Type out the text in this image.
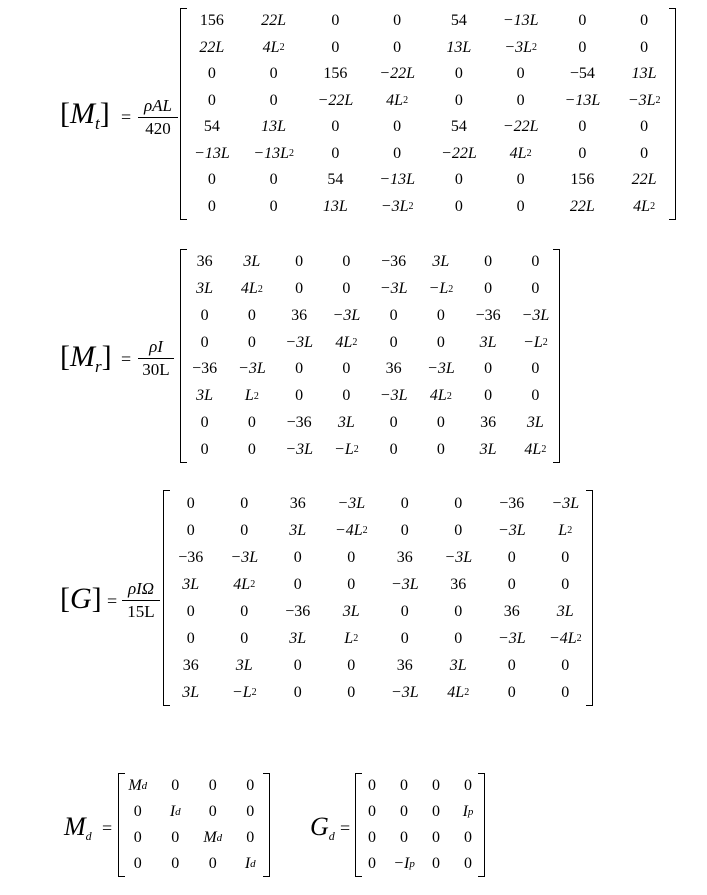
$[M_t]$ =
ρAL
420
156	22L	0	0	54	−13L	0	0
22L	4L 2	0	0	13L	−3L 2	0	0
0	0	156	−22L	0	0	−54	13L
0	0	−22L	4L 2	0	0	−13L	−3L 2
54	13L	0	0	54	−22L	0	0
−13L	−13L 2	0	0	−22L	4L 2	0	0
0	0	54	−13L	0	0	156	22L
0	0	13L	−3L 2	0	0	22L	4L 2
$[M_r] = \frac{\rho I}{30L}$
36	3L	0	0	−36	3L	0	0
3L	4L 2	0	0	−3L	−L 2	0	0
0	0	36	−3L	0	0	−36	−3L
0	0	−3L	4L 2	0	0	3L	−L 2
−36	−3L	0	0	36	−3L	0	0
3L	L 2	0	0	−3L	4L 2	0	0
0	0	−36	3L	0	0	36	3L
0	0	−3L	−L 2	0	0	3L	4L 2
[G] =
ρIΩ
15L
0	0	36	−3L	0	0	−36	−3L
0	0	3L	−4L 2	0	0	−3L	L 2
−36	−3L	0	0	36	−3L	0	0
3L	4L 2	0	0	−3L	36	0	0
0	0	−36	3L	0	0	36	3L
0	0	3L	L 2	0	0	−3L	−4L 2
36	3L	0	0	36	3L	0	0
3L	−L 2	0	0	−3L	4L 2	0	0
$M_d$ =
M d	0	0	0
0	I d	0	0
0	0	M d	0
0	0	0	I d
$G_d$ =
0	0	0	0
0	0	0	I p
0	0	0	0
0	−I p	0	0
